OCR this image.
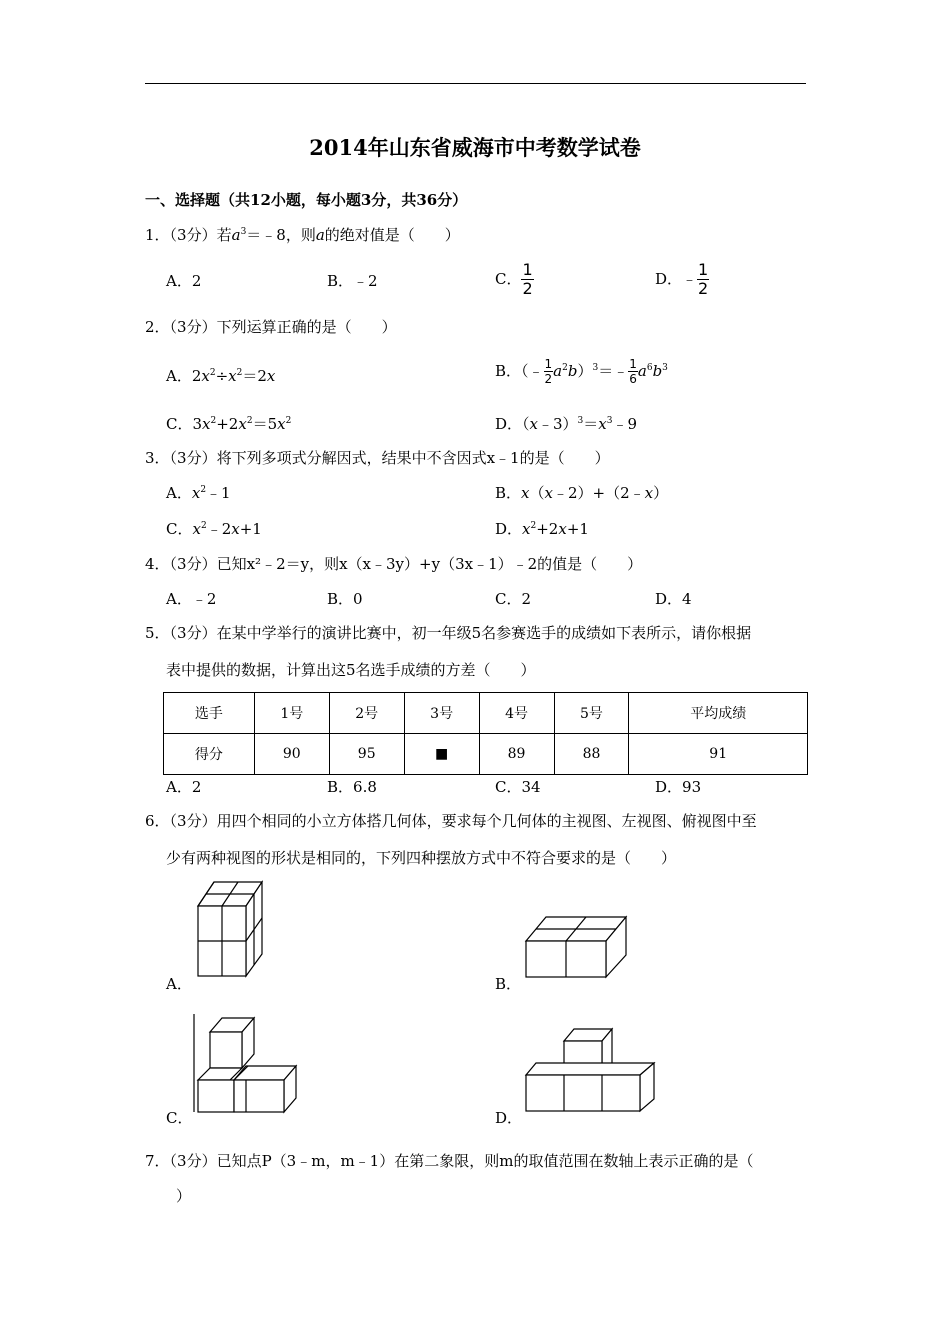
2014年山东省威海市中考数学试卷
一、选择题（共12小题，每小题3分，共36分）
1．（3分）若$a^3=﹣8$，则a的绝对值是（　　）
A．2	B．﹣2	C． $\frac{1}{2}$	D．﹣ $\frac{1}{2}$
2．（3分）下列运算正确的是（　　）
A．$2x^2\div x^2=2x$	B．（﹣ $\frac{1}{2}$ $a^2b)^3=﹣ \frac{1}{6} a^6b^3$
C．$3x^2+2x^2=5x^2$	D．$(x﹣3)^3=x^3﹣9$
3．（3分）将下列多项式分解因式，结果中不含因式x﹣1的是（　　）
A．$x^2﹣1$	B．x（x﹣2）+（2﹣x）
C．$x^2﹣2x+1$	D．$x^2+2x+1$
4．（3分）已知x²﹣2＝y，则x（x﹣3y）+y（3x﹣1）﹣2的值是（　　）
A．﹣2	B．0	C．2	D．4
5．（3分）在某中学举行的演讲比赛中，初一年级5名参赛选手的成绩如下表所示，请你根据
表中提供的数据，计算出这5名选手成绩的方差（　　）
选手	1号	2号	3号	4号	5号	平均成绩
得分	90	95	■	89	88	91
A．2	B．6.8	C．34	D．93
6．（3分）用四个相同的小立方体搭几何体，要求每个几何体的主视图、左视图、俯视图中至
少有两种视图的形状是相同的，下列四种摆放方式中不符合要求的是（　　）
A．	B．
C．	D．
7．（3分）已知点P（3﹣m，m﹣1）在第二象限，则m的取值范围在数轴上表示正确的是（
）
